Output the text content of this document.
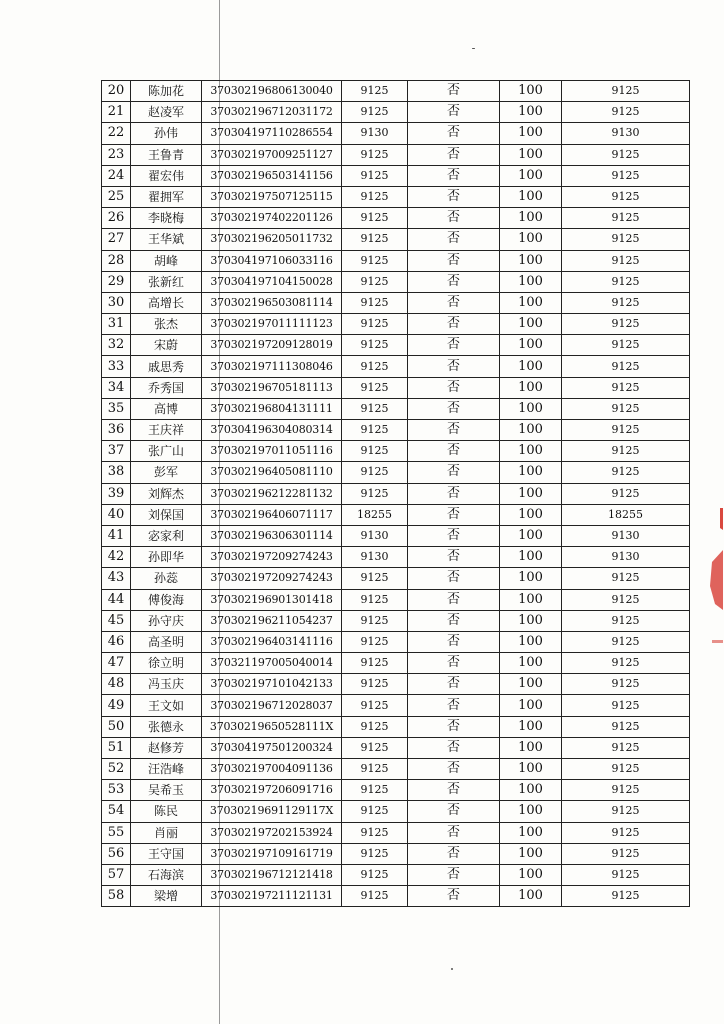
20	陈加花	370302196806130040	9125	否	100	9125
21	赵凌军	370302196712031172	9125	否	100	9125
22	孙伟	370304197110286554	9130	否	100	9130
23	王鲁青	370302197009251127	9125	否	100	9125
24	翟宏伟	370302196503141156	9125	否	100	9125
25	翟拥军	370302197507125115	9125	否	100	9125
26	李晓梅	370302197402201126	9125	否	100	9125
27	王华斌	370302196205011732	9125	否	100	9125
28	胡峰	370304197106033116	9125	否	100	9125
29	张新红	370304197104150028	9125	否	100	9125
30	高增长	370302196503081114	9125	否	100	9125
31	张杰	370302197011111123	9125	否	100	9125
32	宋蔚	370302197209128019	9125	否	100	9125
33	戚思秀	370302197111308046	9125	否	100	9125
34	乔秀国	370302196705181113	9125	否	100	9125
35	高博	370302196804131111	9125	否	100	9125
36	王庆祥	370304196304080314	9125	否	100	9125
37	张广山	370302197011051116	9125	否	100	9125
38	彭军	370302196405081110	9125	否	100	9125
39	刘辉杰	370302196212281132	9125	否	100	9125
40	刘保国	370302196406071117	18255	否	100	18255
41	宓家利	370302196306301114	9130	否	100	9130
42	孙即华	370302197209274243	9130	否	100	9130
43	孙蕊	370302197209274243	9125	否	100	9125
44	傅俊海	370302196901301418	9125	否	100	9125
45	孙守庆	370302196211054237	9125	否	100	9125
46	高圣明	370302196403141116	9125	否	100	9125
47	徐立明	370321197005040014	9125	否	100	9125
48	冯玉庆	370302197101042133	9125	否	100	9125
49	王文如	370302196712028037	9125	否	100	9125
50	张德永	37030219650528111X	9125	否	100	9125
51	赵修芳	370304197501200324	9125	否	100	9125
52	汪浩峰	370302197004091136	9125	否	100	9125
53	吴希玉	370302197206091716	9125	否	100	9125
54	陈民	37030219691129117X	9125	否	100	9125
55	肖丽	370302197202153924	9125	否	100	9125
56	王守国	370302197109161719	9125	否	100	9125
57	石海滨	370302196712121418	9125	否	100	9125
58	梁增	370302197211121131	9125	否	100	9125
